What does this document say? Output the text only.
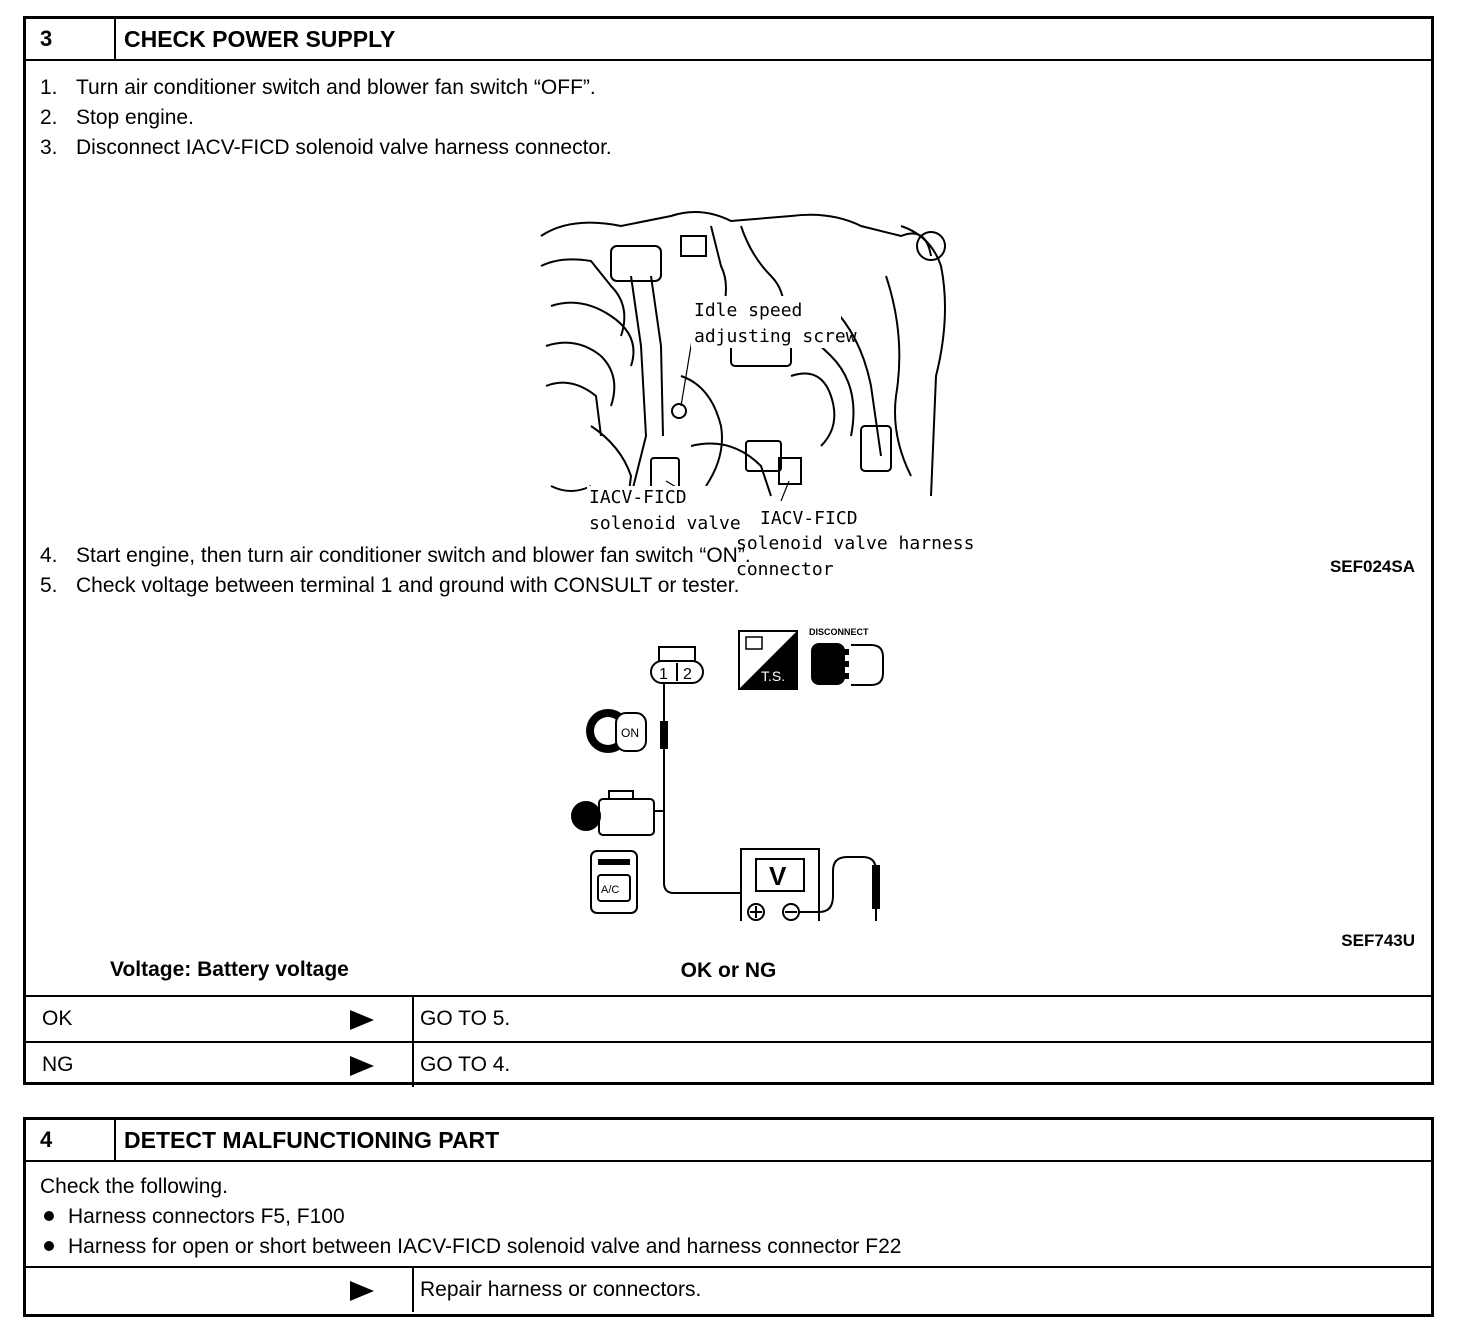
3	CHECK POWER SUPPLY
1. Turn air conditioner switch and blower fan switch “OFF”.
2. Stop engine.
3. Disconnect IACV-FICD solenoid valve harness connector.
Idle speed
adjusting screw
IACV-FICD
solenoid valve IACV-FICD
solenoid valve harness
connector	SEF024SA
4. Start engine, then turn air conditioner switch and blower fan switch “ON”.
5. Check voltage between terminal 1 and ground with CONSULT or tester.
1 2	T.S.
DISCONNECT
ON
A/C	V
SEF743U
Voltage: Battery voltage	OK or NG
OK	GO TO 5.
NG	GO TO 4.
4	DETECT MALFUNCTIONING PART
Check the following.
Harness connectors F5, F100
Harness for open or short between IACV-FICD solenoid valve and harness connector F22
Repair harness or connectors.
